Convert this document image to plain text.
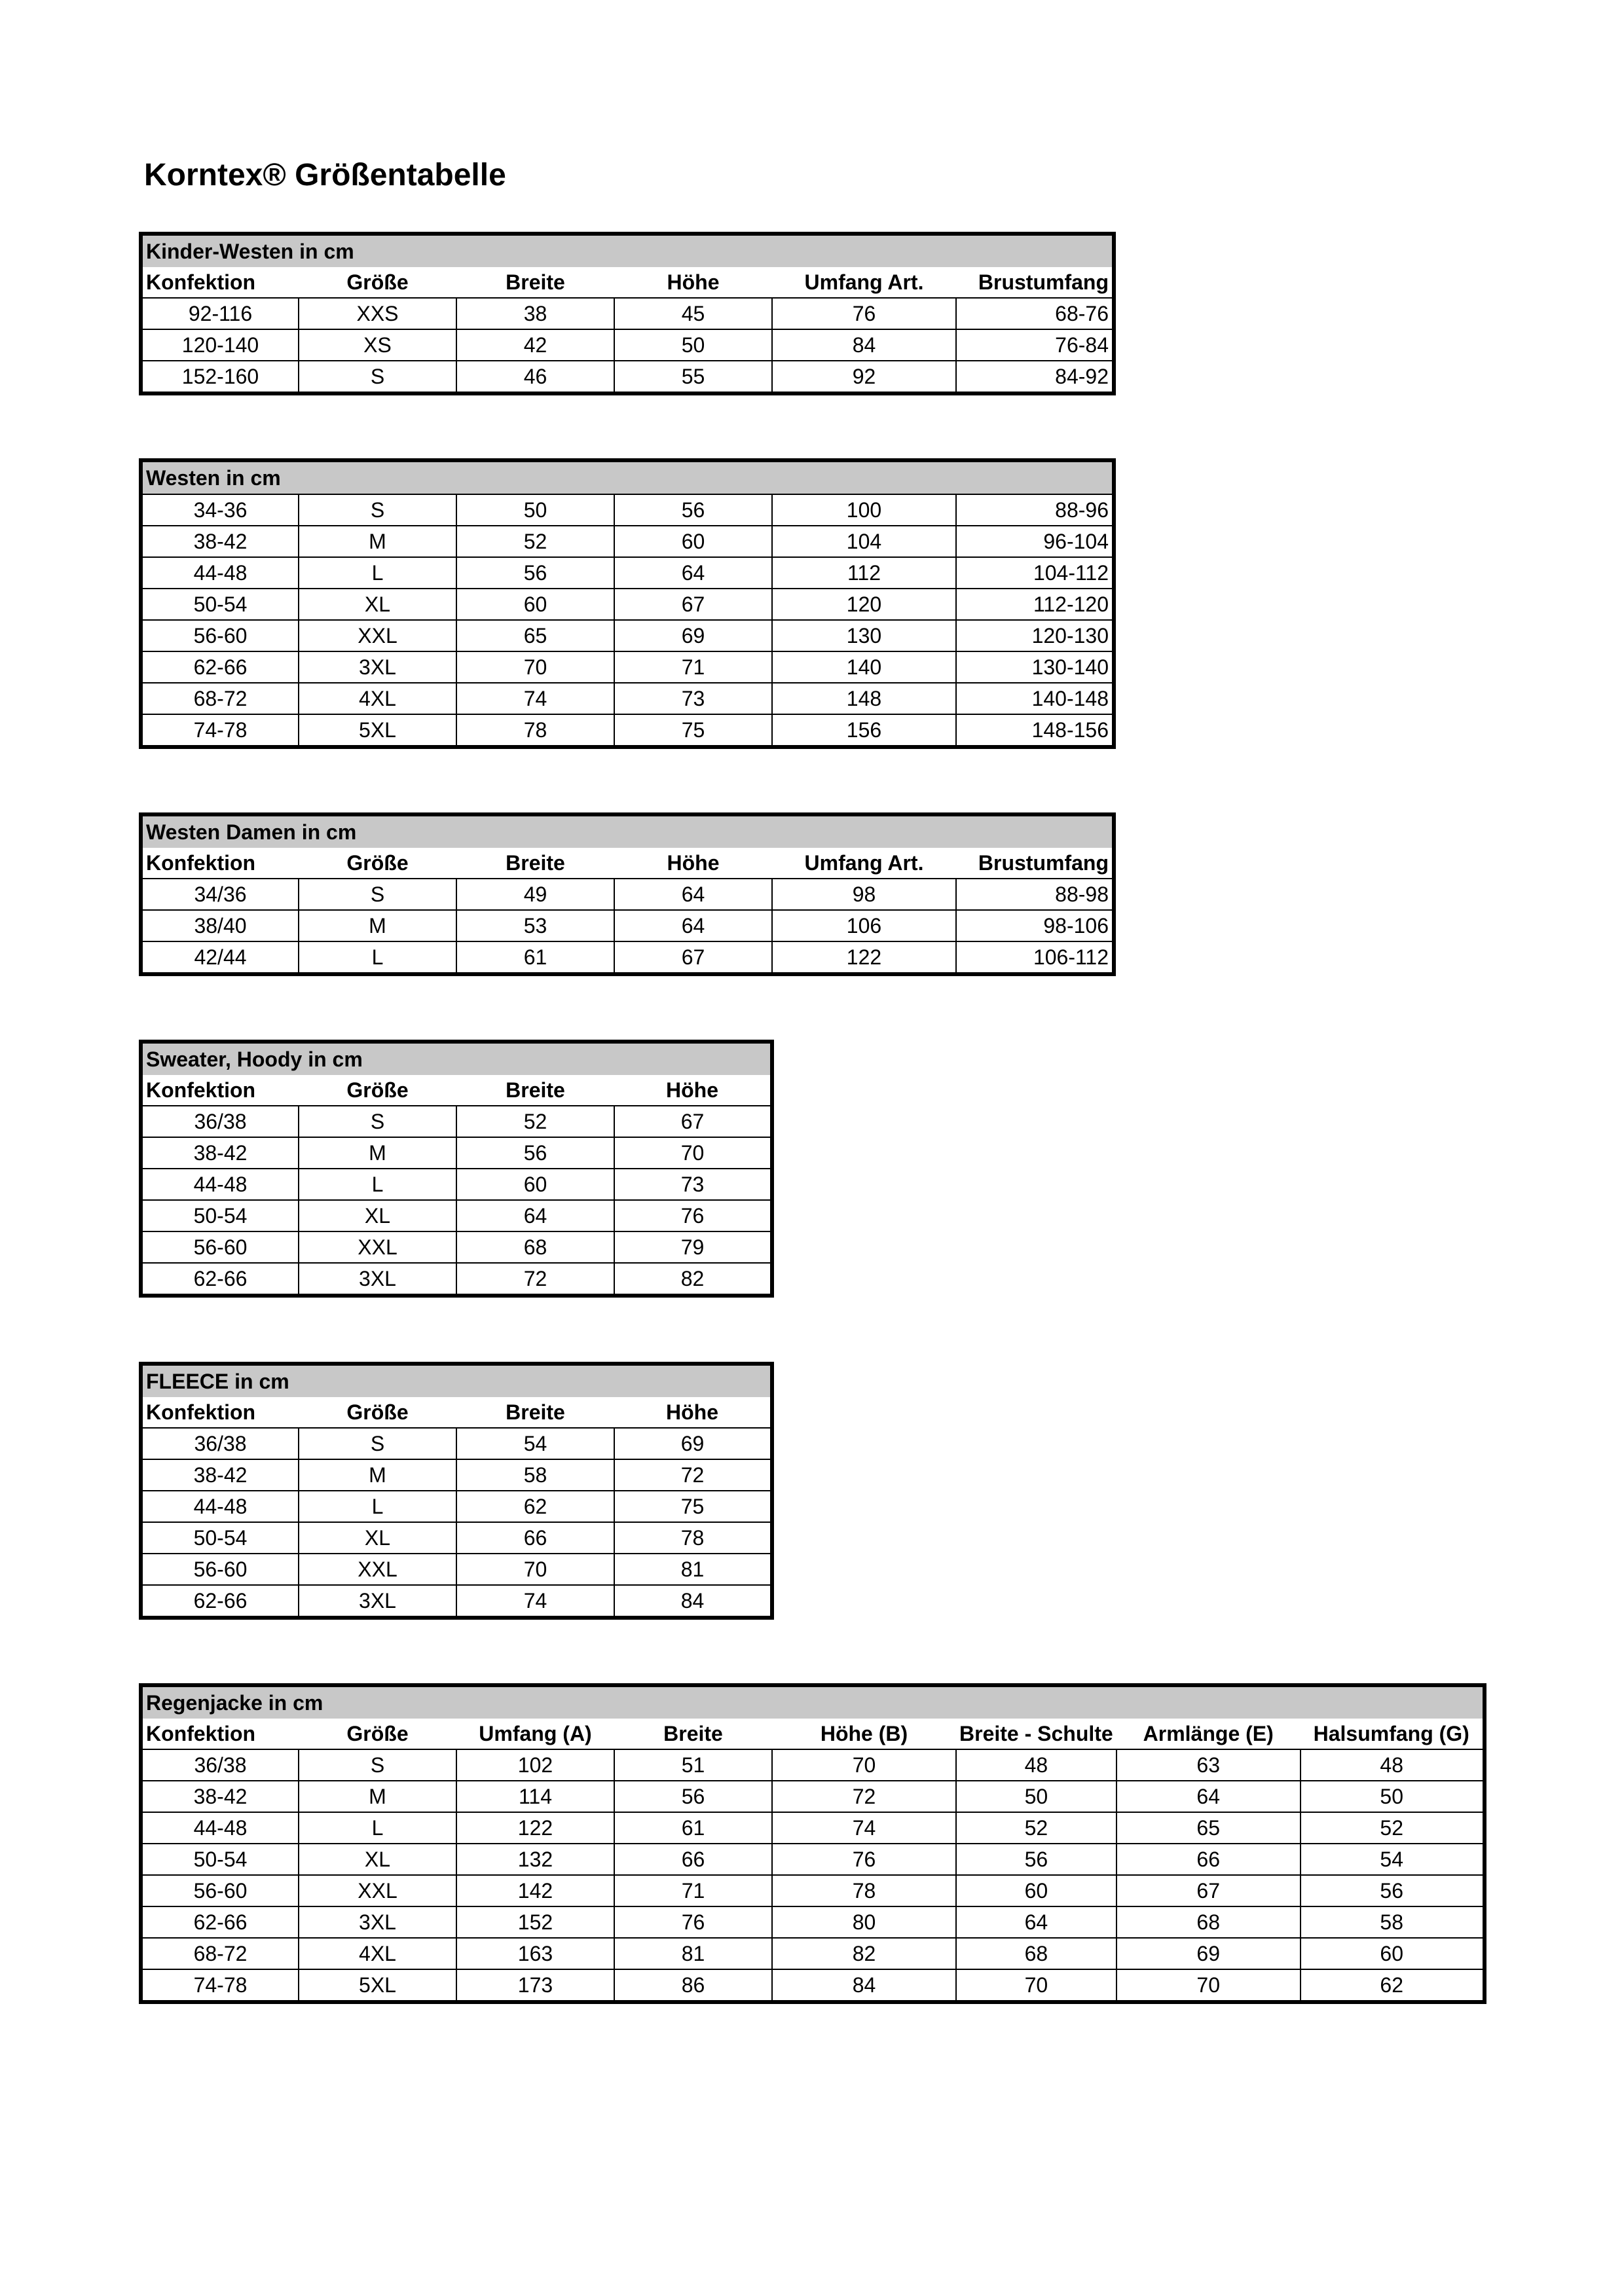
Korntex® Größentabelle
Kinder-Westen in cm					
Konfektion	Größe	Breite	Höhe	Umfang Art.	Brustumfang
92-116	XXS	38	45	76	68-76
120-140	XS	42	50	84	76-84
152-160	S	46	55	92	84-92
Westen in cm					
34-36	S	50	56	100	88-96
38-42	M	52	60	104	96-104
44-48	L	56	64	112	104-112
50-54	XL	60	67	120	112-120
56-60	XXL	65	69	130	120-130
62-66	3XL	70	71	140	130-140
68-72	4XL	74	73	148	140-148
74-78	5XL	78	75	156	148-156
Westen Damen in cm					
Konfektion	Größe	Breite	Höhe	Umfang Art.	Brustumfang
34/36	S	49	64	98	88-98
38/40	M	53	64	106	98-106
42/44	L	61	67	122	106-112
Sweater, Hoody in cm			
Konfektion	Größe	Breite	Höhe
36/38	S	52	67
38-42	M	56	70
44-48	L	60	73
50-54	XL	64	76
56-60	XXL	68	79
62-66	3XL	72	82
FLEECE in cm			
Konfektion	Größe	Breite	Höhe
36/38	S	54	69
38-42	M	58	72
44-48	L	62	75
50-54	XL	66	78
56-60	XXL	70	81
62-66	3XL	74	84
Regenjacke in cm							
Konfektion	Größe	Umfang (A)	Breite	Höhe (B)	Breite - Schulte	Armlänge (E)	Halsumfang (G)
36/38	S	102	51	70	48	63	48
38-42	M	114	56	72	50	64	50
44-48	L	122	61	74	52	65	52
50-54	XL	132	66	76	56	66	54
56-60	XXL	142	71	78	60	67	56
62-66	3XL	152	76	80	64	68	58
68-72	4XL	163	81	82	68	69	60
74-78	5XL	173	86	84	70	70	62
